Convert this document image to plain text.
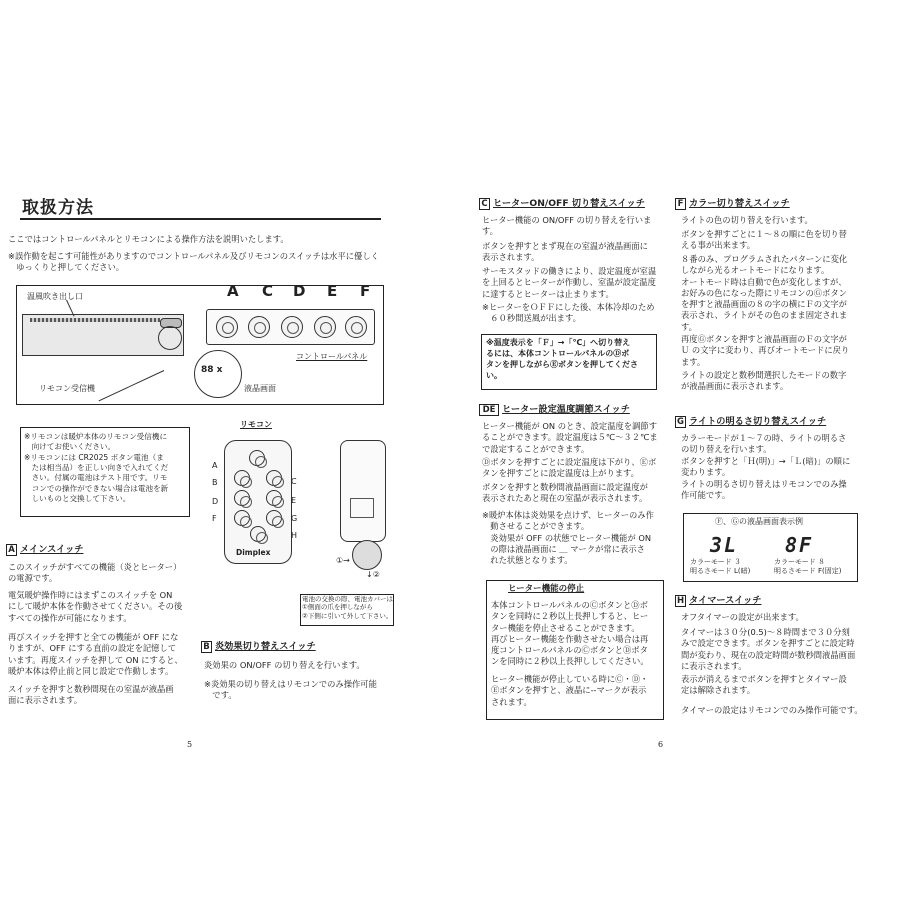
取扱方法
ここではコントロールパネルとリモコンによる操作方法を説明いたします。
※誤作動を起こす可能性がありますのでコントロールパネル及びリモコンのスイッチは水平に優しく
　ゆっくりと押してください。
温風吹き出し口
88 ⅹ
リモコン受信機	液晶画面
A C D E F
コントロールパネル
※リモコンは暖炉本体のリモコン受信機に
　向けてお使いください。
※リモコンには CR2025 ボタン電池（ま
　たは相当品）を正しい向きで入れてくだ
　さい。付属の電池はテスト用です。リモ
　コンでの操作ができない場合は電池を新
　しいものと交換して下さい。
リモコン
Dimplex
A
B
D
F
C
E
G
H
①→
↓②
電池の交換の際、電池カバーは
①側面の爪を押しながら
②下側に引いて外して下さい。
A メインスイッチ
このスイッチがすべての機能（炎とヒーター）
の電源です。
電気暖炉操作時にはまずこのスイッチを ON
にして暖炉本体を作動させてください。その後
すべての操作が可能になります。
再びスイッチを押すと全ての機能が OFF にな
りますが、OFF にする直前の設定を記憶して
います。再度スイッチを押して ON にすると、
暖炉本体は停止前と同じ設定で作動します。
スイッチを押すと数秒間現在の室温が液晶画
面に表示されます。
B 炎効果切り替えスイッチ
炎効果の ON/OFF の切り替えを行います。
※炎効果の切り替えはリモコンでのみ操作可能
　です。
5
C ヒーターON/OFF 切り替えスイッチ
ヒーター機能の ON/OFF の切り替えを行いま
す。
ボタンを押すとまず現在の室温が液晶画面に
表示されます。
サーモスタッドの働きにより、設定温度が室温
を上回るとヒーターが作動し、室温が設定温度
に達するとヒーターは止まります。
※ヒーターをＯＦＦにした後、本体冷却のため
　６０秒間送風が出ます。
※温度表示を「Ｆ」→「℃」へ切り替え
るには、本体コントロールパネルのⒹボ
タンを押しながらⒺボタンを押してくださ
い。
DE ヒーター設定温度調節スイッチ
ヒーター機能が ON のとき、設定温度を調節す
ることができます。設定温度は５℃～３２℃ま
で設定することができます。
Ⓓボタンを押すごとに設定温度は下がり、Ⓔボ
タンを押すごとに設定温度は上がります。
ボタンを押すと数秒間液晶画面に設定温度が
表示されたあと現在の室温が表示されます。
※暖炉本体は炎効果を点けず、ヒーターのみ作
　動させることができます。
　炎効果が OFF の状態でヒーター機能が ON
　の際は液晶画面に ＿ マークが常に表示さ
　れた状態となります。
ヒーター機能の停止
本体コントロールパネルのⒸボタンとⒹボ
タンを同時に２秒以上長押しすると、ヒー
ター機能を停止させることができます。
再びヒーター機能を作動させたい場合は再
度コントロールパネルのⒸボタンとⒹボタ
ンを同時に２秒以上長押ししてください。
ヒーター機能が停止している時にⒸ・Ⓓ・
Ⓔボタンを押すと、液晶に--マークが表示
されます。
F カラー切り替えスイッチ
ライトの色の切り替えを行います。
ボタンを押すごとに１～８の順に色を切り替
える事が出来ます。
８番のみ、プログラムされたパターンに変化
しながら光るオートモードになります。
オートモード時は自動で色が変化しますが、
お好みの色になった際にリモコンのⒼボタン
を押すと液晶画面の８の字の横にＦの文字が
表示され、ライトがその色のまま固定されま
す。
再度Ⓖボタンを押すと液晶画面のＦの文字が
Ｕ の文字に変わり、再びオートモードに戻り
ます。
ライトの設定と数秒間選択したモードの数字
が液晶画面に表示されます。
G ライトの明るさ切り替えスイッチ
カラーモードが１～７の時、ライトの明るさ
の切り替えを行います。
ボタンを押すと「Ｈ(明)」→「Ｌ(暗)」の順に
変わります。
ライトの明るさ切り替えはリモコンでのみ操
作可能です。
Ⓕ、Ⓖの液晶画面表示例
3L 8F
カラーモード ３
明るさモード L(暗)
カラーモード ８
明るさモード F(固定)
H タイマースイッチ
オフタイマーの設定が出来ます。
タイマーは３０分(0.5)～８時間まで３０分刻
みで設定できます。ボタンを押すごとに設定時
間が変わり、現在の設定時間が数秒間液晶画面
に表示されます。
表示が消えるまでボタンを押すとタイマー設
定は解除されます。
タイマーの設定はリモコンでのみ操作可能です。
6
